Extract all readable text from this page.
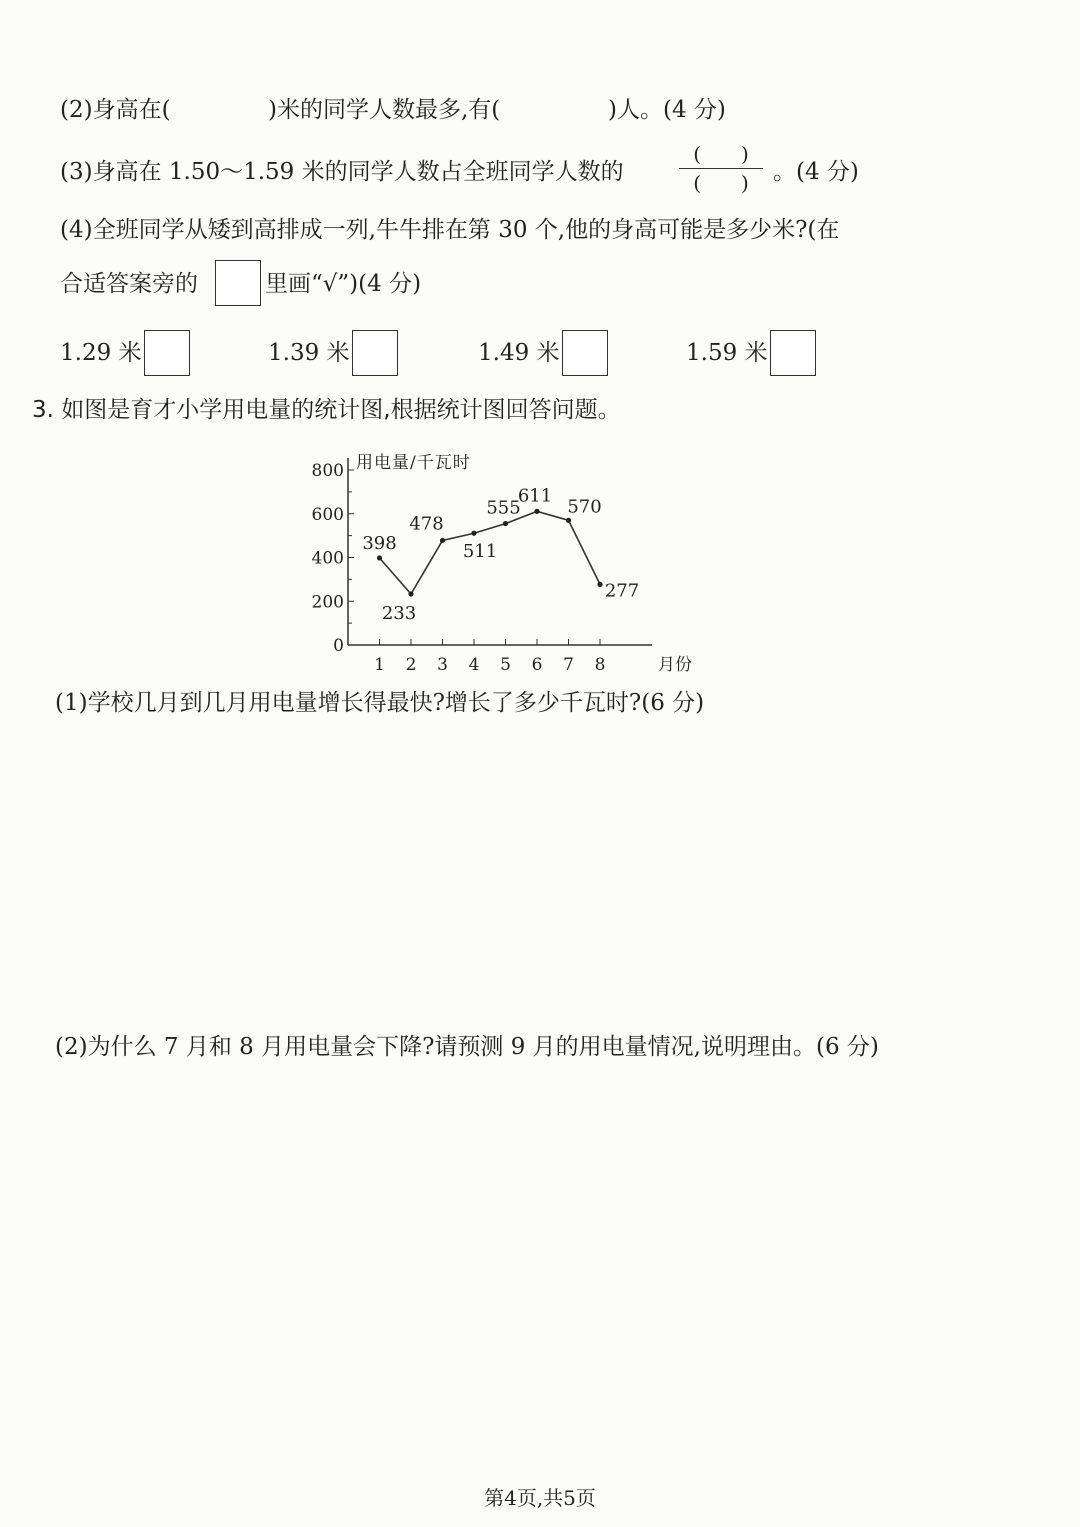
(2)身高在(	)米的同学人数最多,有(	)人。(4 分)
(3)身高在 1.50～1.59 米的同学人数占全班同学人数的
(　　)
(　　)	。(4 分)
(4)全班同学从矮到高排成一列,牛牛排在第 30 个,他的身高可能是多少米?(在
合适答案旁的	里画“√”)(4 分)
1.29 米	1.39 米	1.49 米	1.59 米
3. 如图是育才小学用电量的统计图,根据统计图回答问题。
0
200
400
600
800
1 2 3 4 5 6 7 8
用电量/千瓦时
月份
398
233
478
511
555
611
570
277
(1)学校几月到几月用电量增长得最快?增长了多少千瓦时?(6 分)
(2)为什么 7 月和 8 月用电量会下降?请预测 9 月的用电量情况,说明理由。(6 分)
第4页,共5页
